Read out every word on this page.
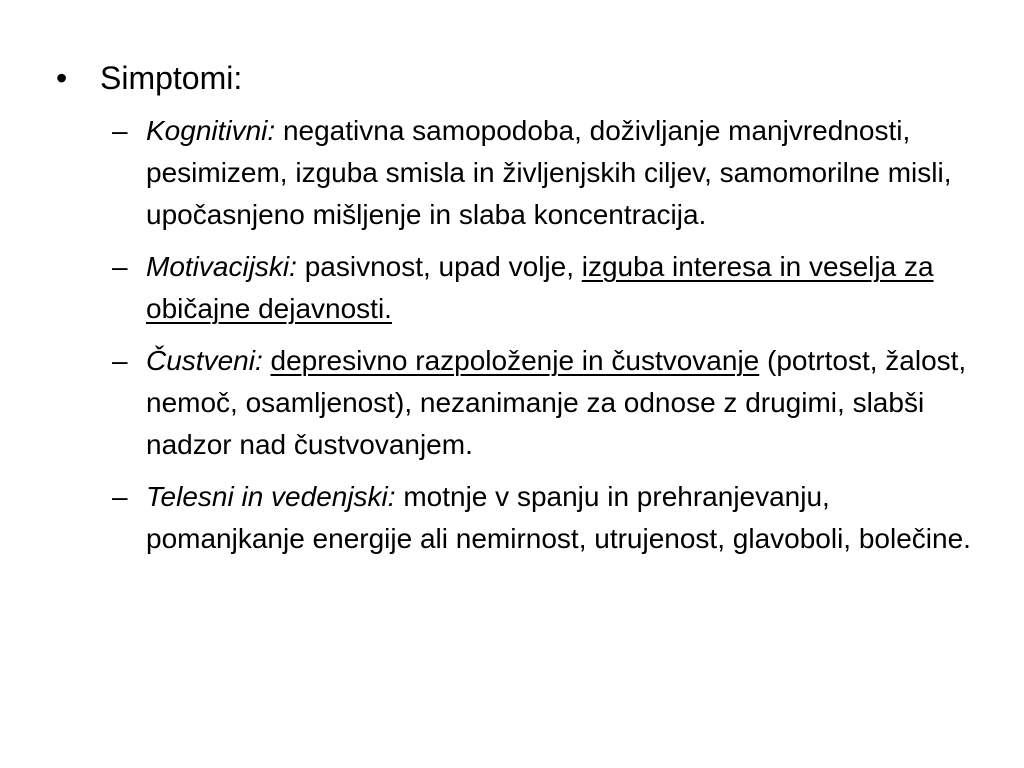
• Simptomi:
– Kognitivni: negativna samopodoba, doživljanje manjvrednosti, pesimizem, izguba smisla in življenjskih ciljev, samomorilne misli, upočasnjeno mišljenje in slaba koncentracija.
– Motivacijski: pasivnost, upad volje, izguba interesa in veselja za običajne dejavnosti.
– Čustveni: depresivno razpoloženje in čustvovanje (potrtost, žalost, nemoč, osamljenost), nezanimanje za odnose z drugimi, slabši nadzor nad čustvovanjem.
– Telesni in vedenjski: motnje v spanju in prehranjevanju, pomanjkanje energije ali nemirnost, utrujenost, glavoboli, bolečine.
